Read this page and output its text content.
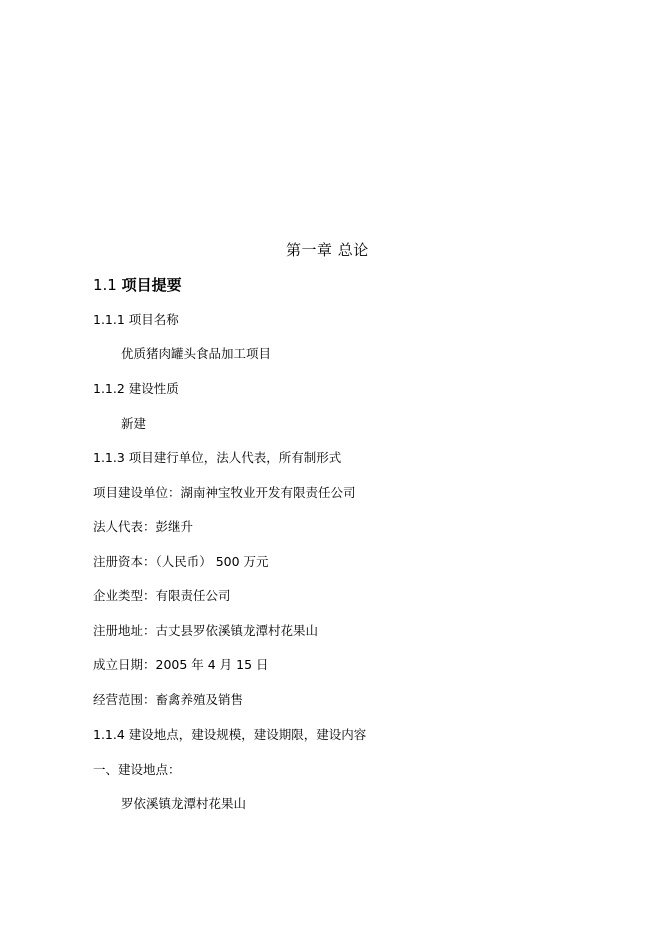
第一章 总论
1.1 项目提要
1.1.1 项目名称
优质猪肉罐头食品加工项目
1.1.2 建设性质
新建
1.1.3 项目建行单位，法人代表，所有制形式
项目建设单位：湖南神宝牧业开发有限责任公司
法人代表：彭继升
注册资本：（人民币） 500 万元
企业类型：有限责任公司
注册地址：古丈县罗依溪镇龙潭村花果山
成立日期：2005 年 4 月 15 日
经营范围：畜禽养殖及销售
1.1.4 建设地点，建设规模，建设期限，建设内容
一、建设地点：
罗依溪镇龙潭村花果山
